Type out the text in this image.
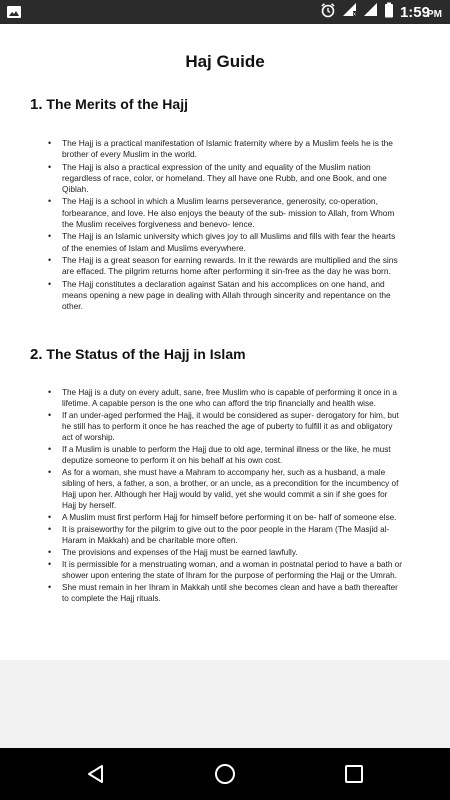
x	1:59
PM
Haj Guide
1. The Merits of the Hajj
• The Hajj is a practical manifestation of Islamic fraternity where by a Muslim feels he is the brother of every Muslim in the world.
• The Hajj is also a practical expression of the unity and equality of the Muslim nation regardless of race, color, or homeland. They all have one Rubb, and one Book, and one Qiblah.
• The Hajj is a school in which a Muslim learns perseverance, generosity, co-operation, forbearance, and love. He also enjoys the beauty of the sub- mission to Allah, from Whom the Muslim receives forgiveness and benevo- lence.
• The Hajj is an Islamic university which gives joy to all Muslims and fills with fear the hearts of the enemies of Islam and Muslims everywhere.
• The Hajj is a great season for earning rewards. In it the rewards are multiplied and the sins are effaced. The pilgrim returns home after performing it sin-free as the day he was born.
• The Hajj constitutes a declaration against Satan and his accomplices on one hand, and means opening a new page in dealing with Allah through sincerity and repentance on the other.
2. The Status of the Hajj in Islam
• The Hajj is a duty on every adult, sane, free Muslim who is capable of performing it once in a lifetime. A capable person is the one who can afford the trip financially and health wise.
• If an under-aged performed the Hajj, it would be considered as super- derogatory for him, but he still has to perform it once he has reached the age of puberty to fulfill it as and obligatory act of worship.
• If a Muslim is unable to perform the Hajj due to old age, terminal illness or the like, he must deputize someone to perform it on his behalf at his own cost.
• As for a woman, she must have a Mahram to accompany her, such as a husband, a male sibling of hers, a father, a son, a brother, or an uncle, as a precondition for the incumbency of Hajj upon her. Although her Hajj would by valid, yet she would commit a sin if she goes for Hajj by herself.
• A Muslim must first perform Hajj for himself before performing it on be- half of someone else.
• It is praiseworthy for the pilgrim to give out to the poor people in the Haram (The Masjid al-Haram in Makkah) and be charitable more often.
• The provisions and expenses of the Hajj must be earned lawfully.
• It is permissible for a menstruating woman, and a woman in postnatal period to have a bath or shower upon entering the state of Ihram for the purpose of performing the Hajj or the Umrah.
• She must remain in her Ihram in Makkah until she becomes clean and have a bath thereafter to complete the Hajj rituals.
